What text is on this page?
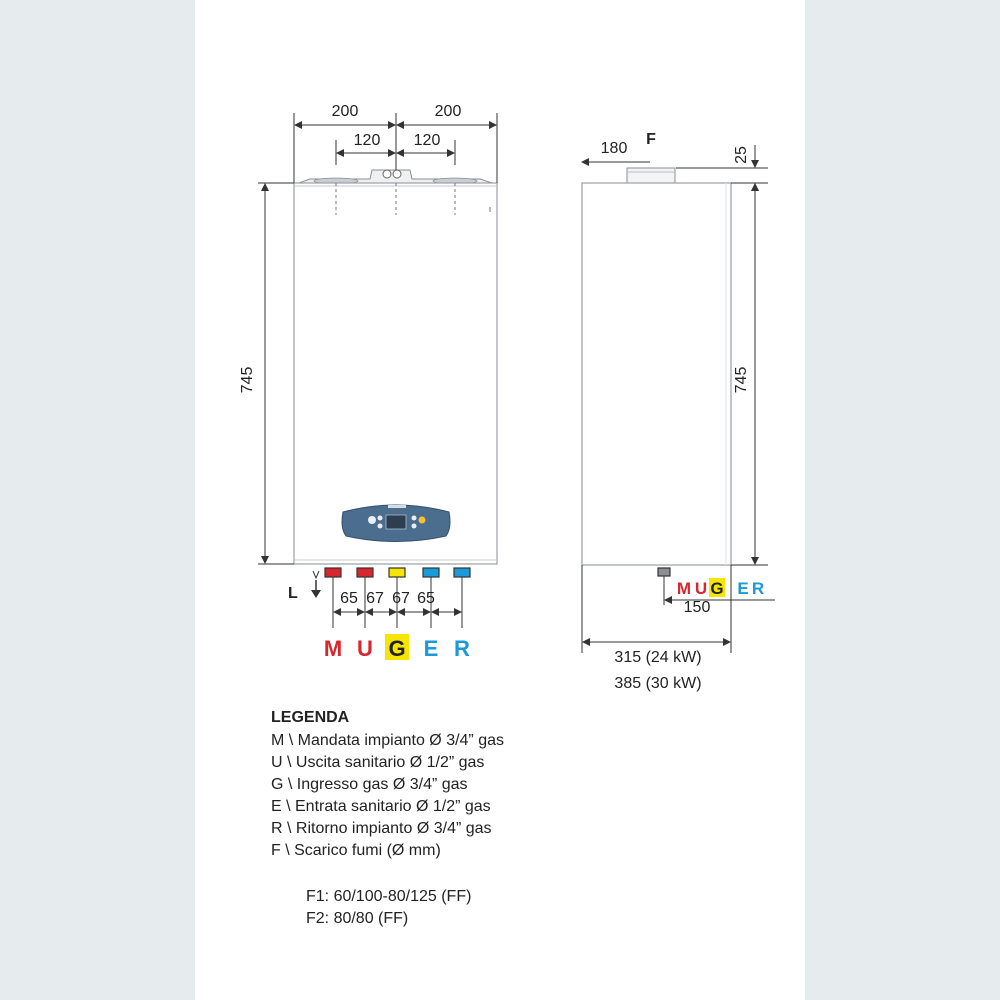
L
200	200
120 120
745
65 67 67 65
M U G E R
180
F
25
745
150
M U G E R
315 (24 kW)
385 (30 kW)
LEGENDA
M \ Mandata impianto Ø 3/4” gas
U \ Uscita sanitario Ø 1/2” gas
G \ Ingresso gas Ø 3/4” gas
E \ Entrata sanitario Ø 1/2” gas
R \ Ritorno impianto Ø 3/4” gas
F \ Scarico fumi (Ø mm)
F1: 60/100-80/125 (FF)
F2: 80/80 (FF)
